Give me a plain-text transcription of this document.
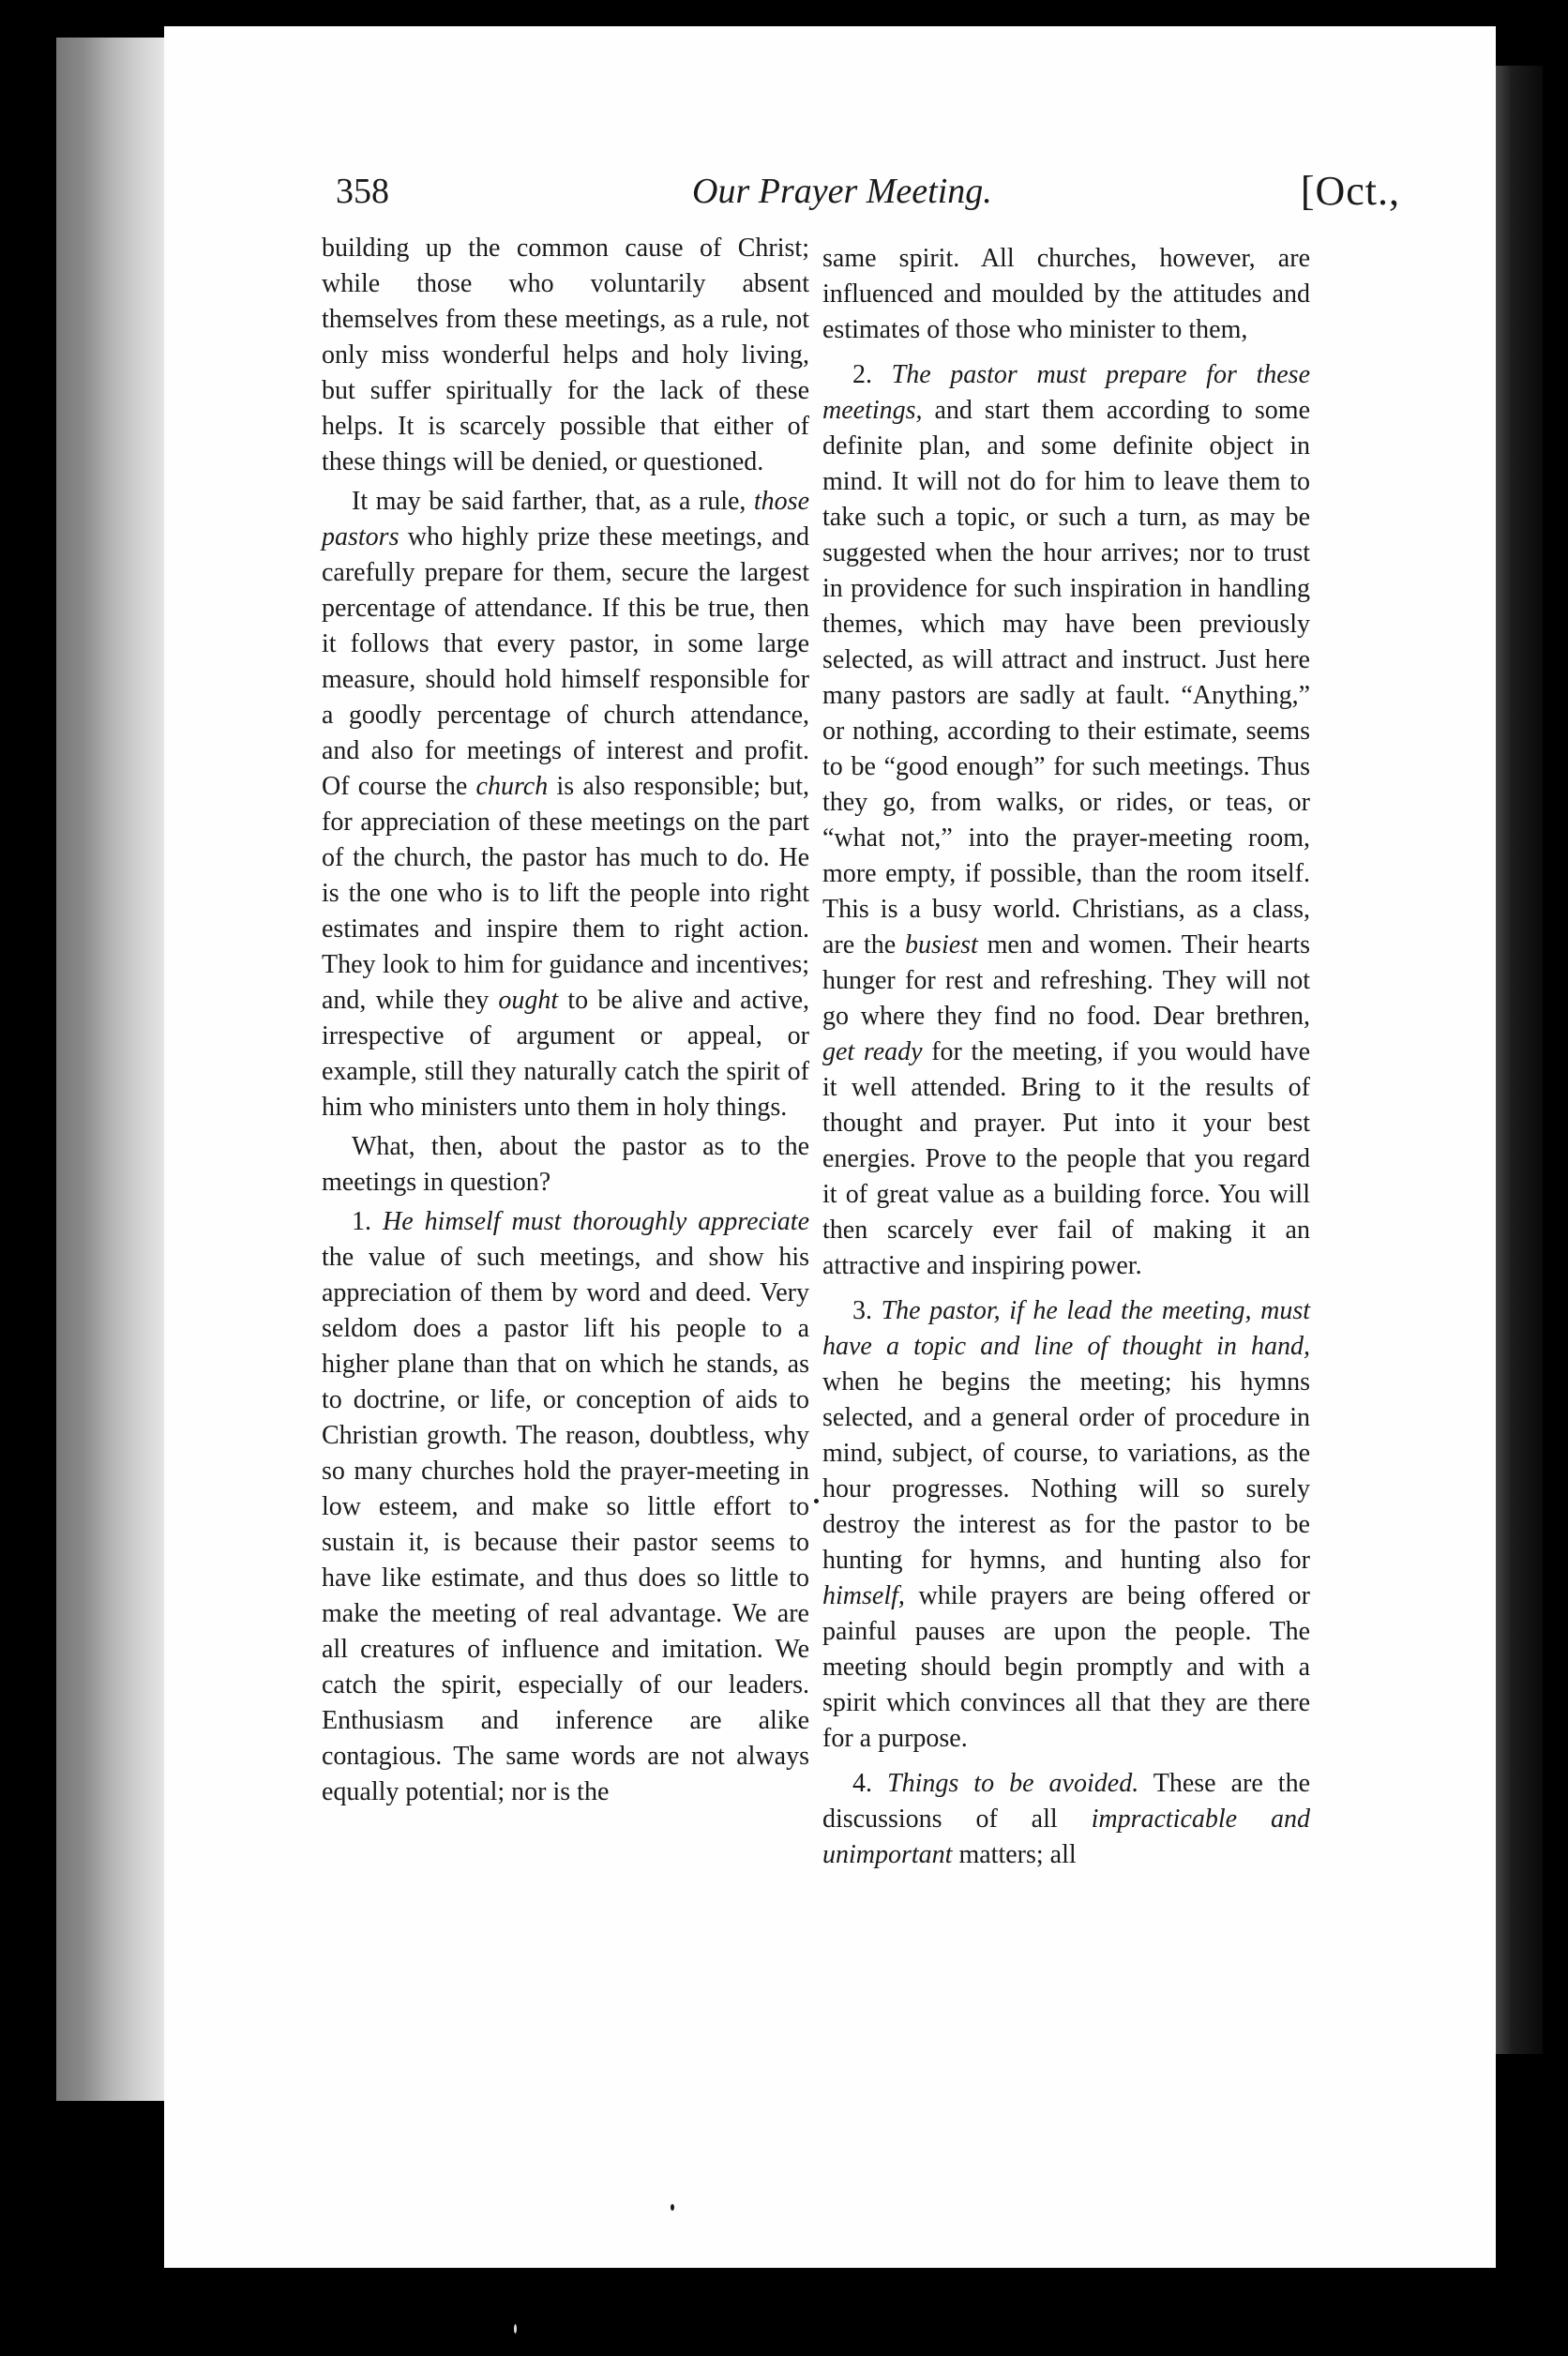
358	Our Prayer Meeting.	[Oct.,

building up the common cause of Christ; while those who voluntarily absent themselves from these meetings, as a rule, not only miss wonderful helps and holy living, but suffer spiritually for the lack of these helps. It is scarcely possible that either of these things will be denied, or questioned.

It may be said farther, that, as a rule, those pastors who highly prize these meetings, and carefully prepare for them, secure the largest percentage of attendance. If this be true, then it follows that every pastor, in some large measure, should hold himself responsible for a goodly percentage of church attendance, and also for meetings of interest and profit. Of course the church is also responsible; but, for appreciation of these meetings on the part of the church, the pastor has much to do. He is the one who is to lift the people into right estimates and inspire them to right action. They look to him for guidance and incentives; and, while they ought to be alive and active, irrespective of argument or appeal, or example, still they naturally catch the spirit of him who ministers unto them in holy things.

What, then, about the pastor as to the meetings in question?

1. He himself must thoroughly appreciate the value of such meetings, and show his appreciation of them by word and deed. Very seldom does a pastor lift his people to a higher plane than that on which he stands, as to doctrine, or life, or conception of aids to Christian growth. The reason, doubtless, why so many churches hold the prayer-meeting in low esteem, and make so little effort to sustain it, is because their pastor seems to have like estimate, and thus does so little to make the meeting of real advantage. We are all creatures of influence and imitation. We catch the spirit, especially of our leaders. Enthusiasm and inference are alike contagious. The same words are not always equally potential; nor is the

same spirit. All churches, however, are influenced and moulded by the attitudes and estimates of those who minister to them,

2. The pastor must prepare for these meetings, and start them according to some definite plan, and some definite object in mind. It will not do for him to leave them to take such a topic, or such a turn, as may be suggested when the hour arrives; nor to trust in providence for such inspiration in handling themes, which may have been previously selected, as will attract and instruct. Just here many pastors are sadly at fault. “Anything,” or nothing, according to their estimate, seems to be “good enough” for such meetings. Thus they go, from walks, or rides, or teas, or “what not,” into the prayer-meeting room, more empty, if possible, than the room itself. This is a busy world. Christians, as a class, are the busiest men and women. Their hearts hunger for rest and refreshing. They will not go where they find no food. Dear brethren, get ready for the meeting, if you would have it well attended. Bring to it the results of thought and prayer. Put into it your best energies. Prove to the people that you regard it of great value as a building force. You will then scarcely ever fail of making it an attractive and inspiring power.

3. The pastor, if he lead the meeting, must have a topic and line of thought in hand, when he begins the meeting; his hymns selected, and a general order of procedure in mind, subject, of course, to variations, as the hour progresses. Nothing will so surely destroy the interest as for the pastor to be hunting for hymns, and hunting also for himself, while prayers are being offered or painful pauses are upon the people. The meeting should begin promptly and with a spirit which convinces all that they are there for a purpose.

4. Things to be avoided. These are the discussions of all impracticable and unimportant matters; all
